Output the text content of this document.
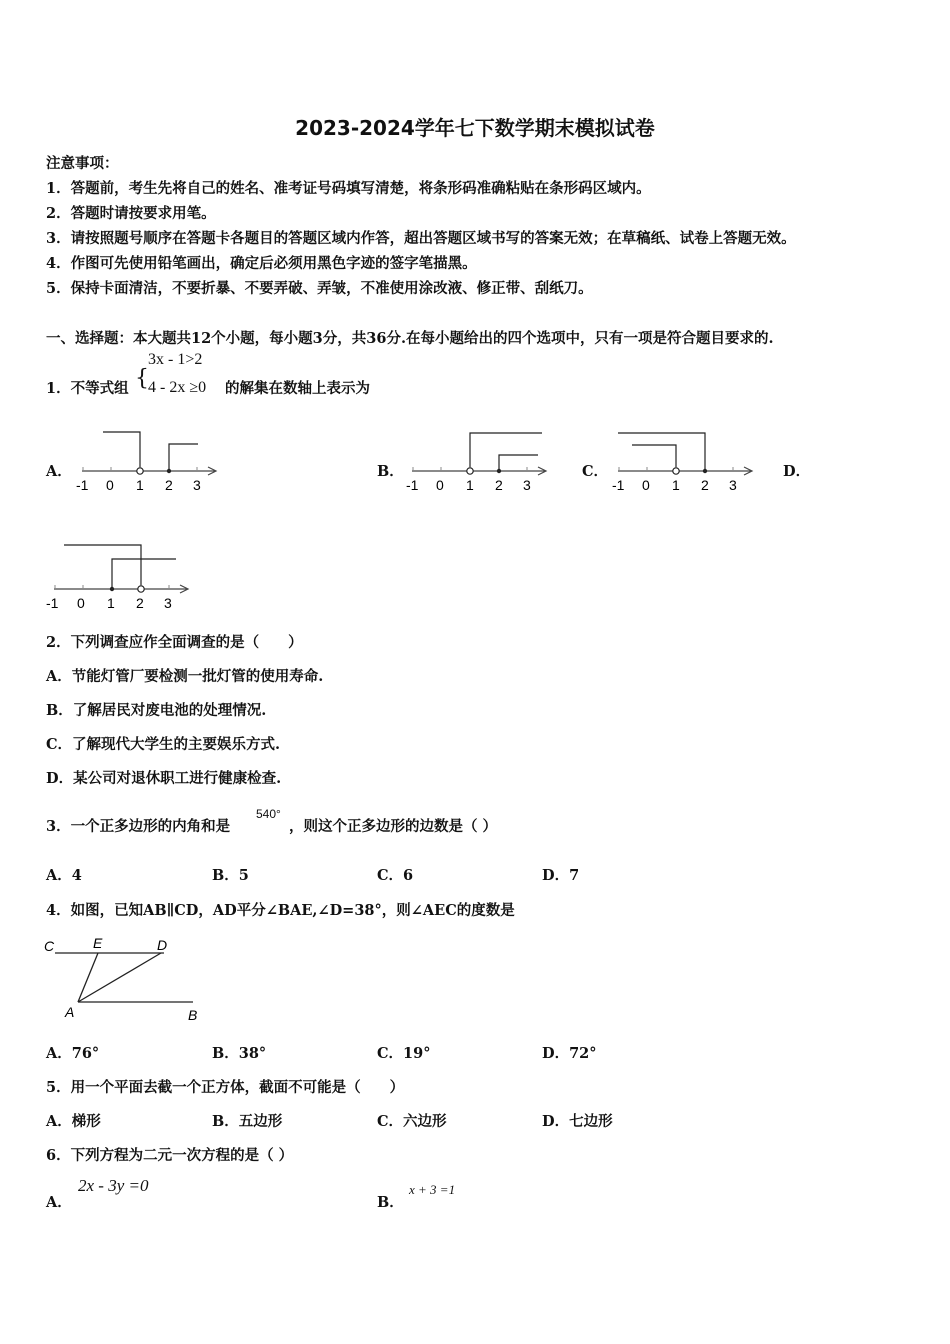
2023-2024学年七下数学期末模拟试卷
注意事项：
1．答题前，考生先将自己的姓名、准考证号码填写清楚，将条形码准确粘贴在条形码区域内。
2．答题时请按要求用笔。
3．请按照题号顺序在答题卡各题目的答题区域内作答，超出答题区域书写的答案无效；在草稿纸、试卷上答题无效。
4．作图可先使用铅笔画出，确定后必须用黑色字迹的签字笔描黑。
5．保持卡面清洁，不要折暴、不要弄破、弄皱，不准使用涂改液、修正带、刮纸刀。
一、选择题：本大题共12个小题，每小题3分，共36分.在每小题给出的四个选项中，只有一项是符合题目要求的.
1．不等式组 {
3x - 1>2
4 - 2x ≥0 的解集在数轴上表示为
A．	B．	C．	D．
-1 0 1 2 3	-1 0 1 2 3	-1 0 1 2 3
-1 0 1 2 3
2．下列调查应作全面调查的是（　　）
A．节能灯管厂要检测一批灯管的使用寿命.
B．了解居民对废电池的处理情况.
C．了解现代大学生的主要娱乐方式.
D．某公司对退休职工进行健康检查.
3．一个正多边形的内角和是
540°
，则这个正多边形的边数是（ ）
A．4	B．5	C．6	D．7
4．如图，已知AB∥CD，AD平分∠BAE,∠D=38°，则∠AEC的度数是
C	E	D
A	B
A．76°	B．38°	C．19°	D．72°
5．用一个平面去截一个正方体，截面不可能是（　　）
A．梯形	B．五边形	C．六边形	D．七边形
6．下列方程为二元一次方程的是（ ）
A．
2x - 3y =0
B．
x + 3 =1
